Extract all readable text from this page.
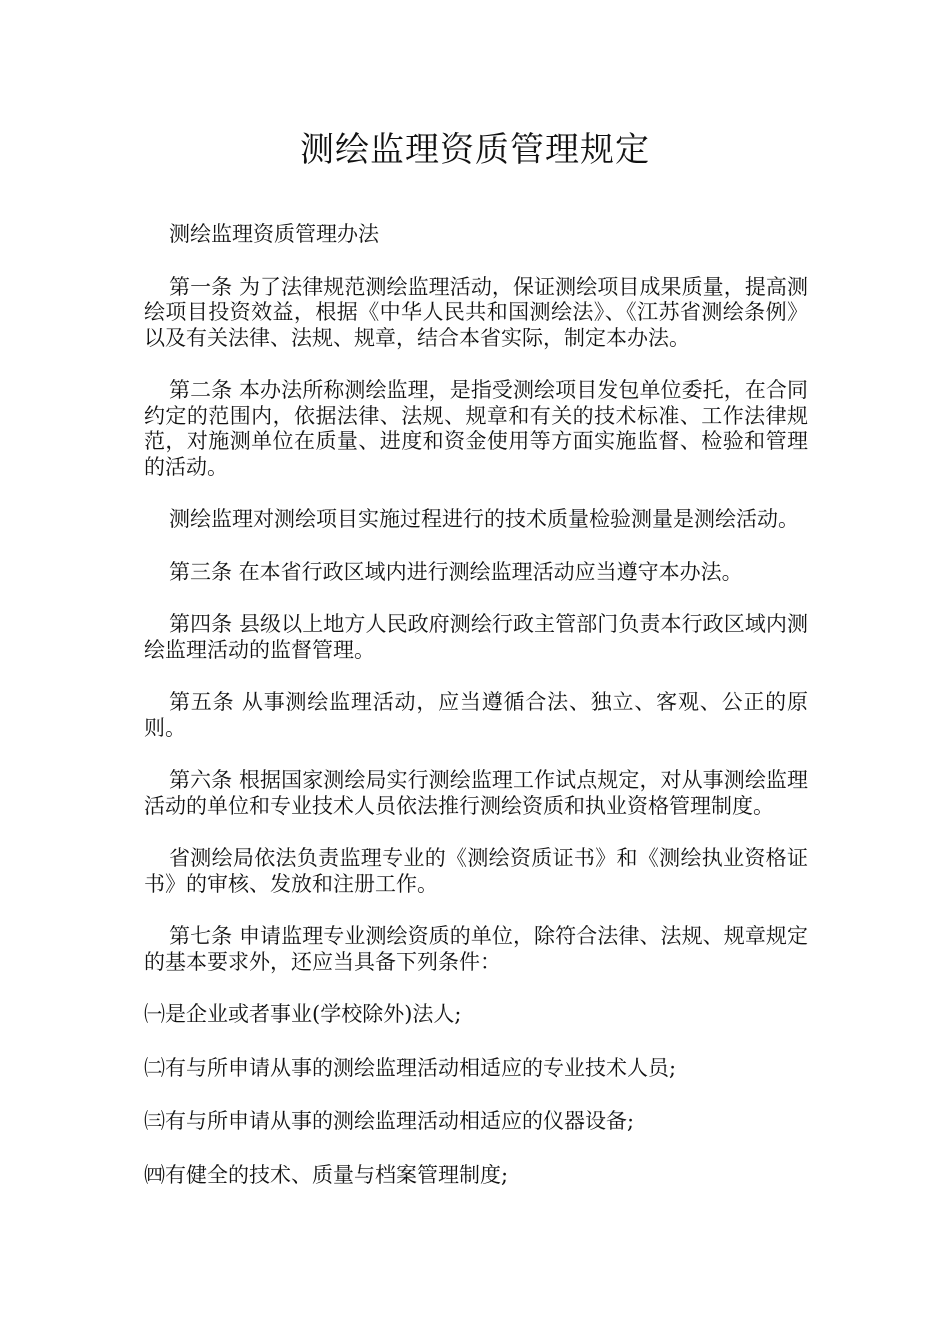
测绘监理资质管理规定

测绘监理资质管理办法

第一条 为了法律规范测绘监理活动，保证测绘项目成果质量，提高测绘项目投资效益，根据《中华人民共和国测绘法》、《江苏省测绘条例》以及有关法律、法规、规章，结合本省实际，制定本办法。

第二条 本办法所称测绘监理，是指受测绘项目发包单位委托，在合同约定的范围内，依据法律、法规、规章和有关的技术标准、工作法律规范，对施测单位在质量、进度和资金使用等方面实施监督、检验和管理的活动。

测绘监理对测绘项目实施过程进行的技术质量检验测量是测绘活动。

第三条 在本省行政区域内进行测绘监理活动应当遵守本办法。

第四条 县级以上地方人民政府测绘行政主管部门负责本行政区域内测绘监理活动的监督管理。

第五条 从事测绘监理活动，应当遵循合法、独立、客观、公正的原则。

第六条 根据国家测绘局实行测绘监理工作试点规定，对从事测绘监理活动的单位和专业技术人员依法推行测绘资质和执业资格管理制度。

省测绘局依法负责监理专业的《测绘资质证书》和《测绘执业资格证书》的审核、发放和注册工作。

第七条 申请监理专业测绘资质的单位，除符合法律、法规、规章规定的基本要求外，还应当具备下列条件：

㈠是企业或者事业(学校除外)法人;

㈡有与所申请从事的测绘监理活动相适应的专业技术人员;

㈢有与所申请从事的测绘监理活动相适应的仪器设备;

㈣有健全的技术、质量与档案管理制度;
